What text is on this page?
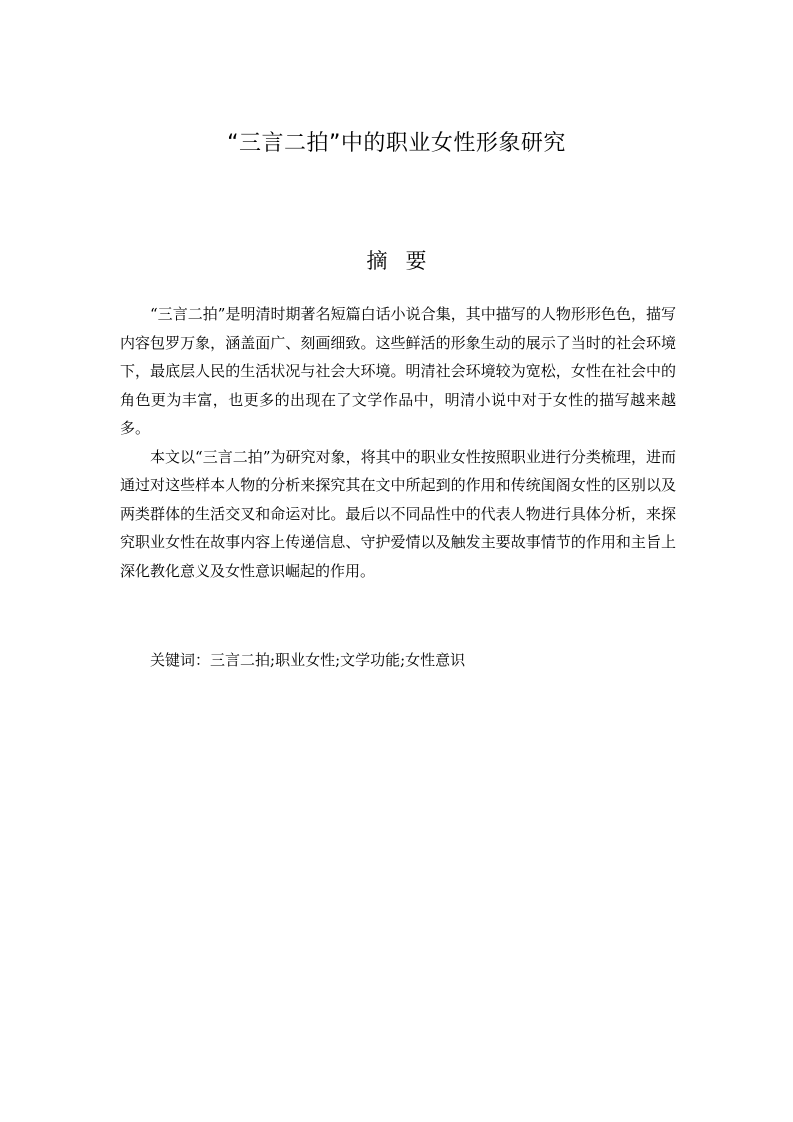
“三言二拍”中的职业女性形象研究
摘要

“三言二拍”是明清时期著名短篇白话小说合集，其中描写的人物形形色色，描写内容包罗万象，涵盖面广、刻画细致。这些鲜活的形象生动的展示了当时的社会环境下，最底层人民的生活状况与社会大环境。明清社会环境较为宽松，女性在社会中的角色更为丰富，也更多的出现在了文学作品中，明清小说中对于女性的描写越来越多。

本文以“三言二拍”为研究对象，将其中的职业女性按照职业进行分类梳理，进而通过对这些样本人物的分析来探究其在文中所起到的作用和传统闺阁女性的区别以及两类群体的生活交叉和命运对比。最后以不同品性中的代表人物进行具体分析，来探究职业女性在故事内容上传递信息、守护爱情以及触发主要故事情节的作用和主旨上深化教化意义及女性意识崛起的作用。

关键词：三言二拍;职业女性;文学功能;女性意识
